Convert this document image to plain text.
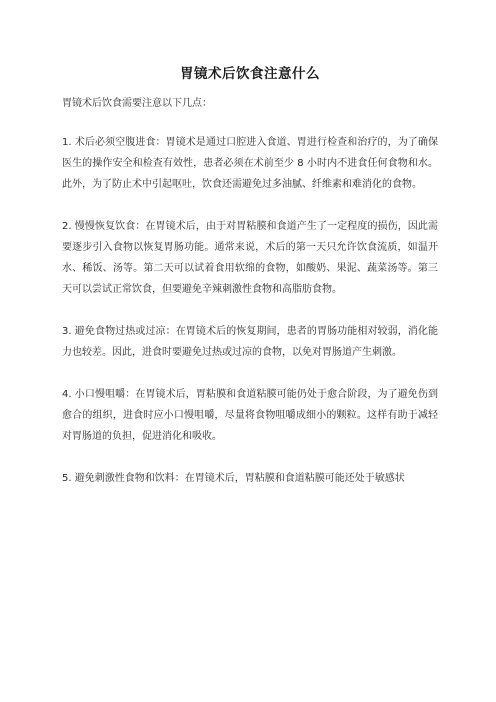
胃镜术后饮食注意什么

胃镜术后饮食需要注意以下几点：

1. 术后必须空腹进食：胃镜术是通过口腔进入食道、胃进行检查和治疗的，为了确保医生的操作安全和检查有效性，患者必须在术前至少 8 小时内不进食任何食物和水。此外，为了防止术中引起呕吐，饮食还需避免过多油腻、纤维素和难消化的食物。

2. 慢慢恢复饮食：在胃镜术后，由于对胃粘膜和食道产生了一定程度的损伤，因此需要逐步引入食物以恢复胃肠功能。通常来说，术后的第一天只允许饮食流质，如温开水、稀饭、汤等。第二天可以试着食用软绵的食物，如酸奶、果泥、蔬菜汤等。第三天可以尝试正常饮食，但要避免辛辣刺激性食物和高脂肪食物。

3. 避免食物过热或过凉：在胃镜术后的恢复期间，患者的胃肠功能相对较弱，消化能力也较差。因此，进食时要避免过热或过凉的食物，以免对胃肠道产生刺激。

4. 小口慢咀嚼：在胃镜术后，胃粘膜和食道粘膜可能仍处于愈合阶段，为了避免伤到愈合的组织，进食时应小口慢咀嚼，尽量将食物咀嚼成细小的颗粒。这样有助于减轻对胃肠道的负担，促进消化和吸收。

5. 避免刺激性食物和饮料：在胃镜术后，胃粘膜和食道粘膜可能还处于敏感状
